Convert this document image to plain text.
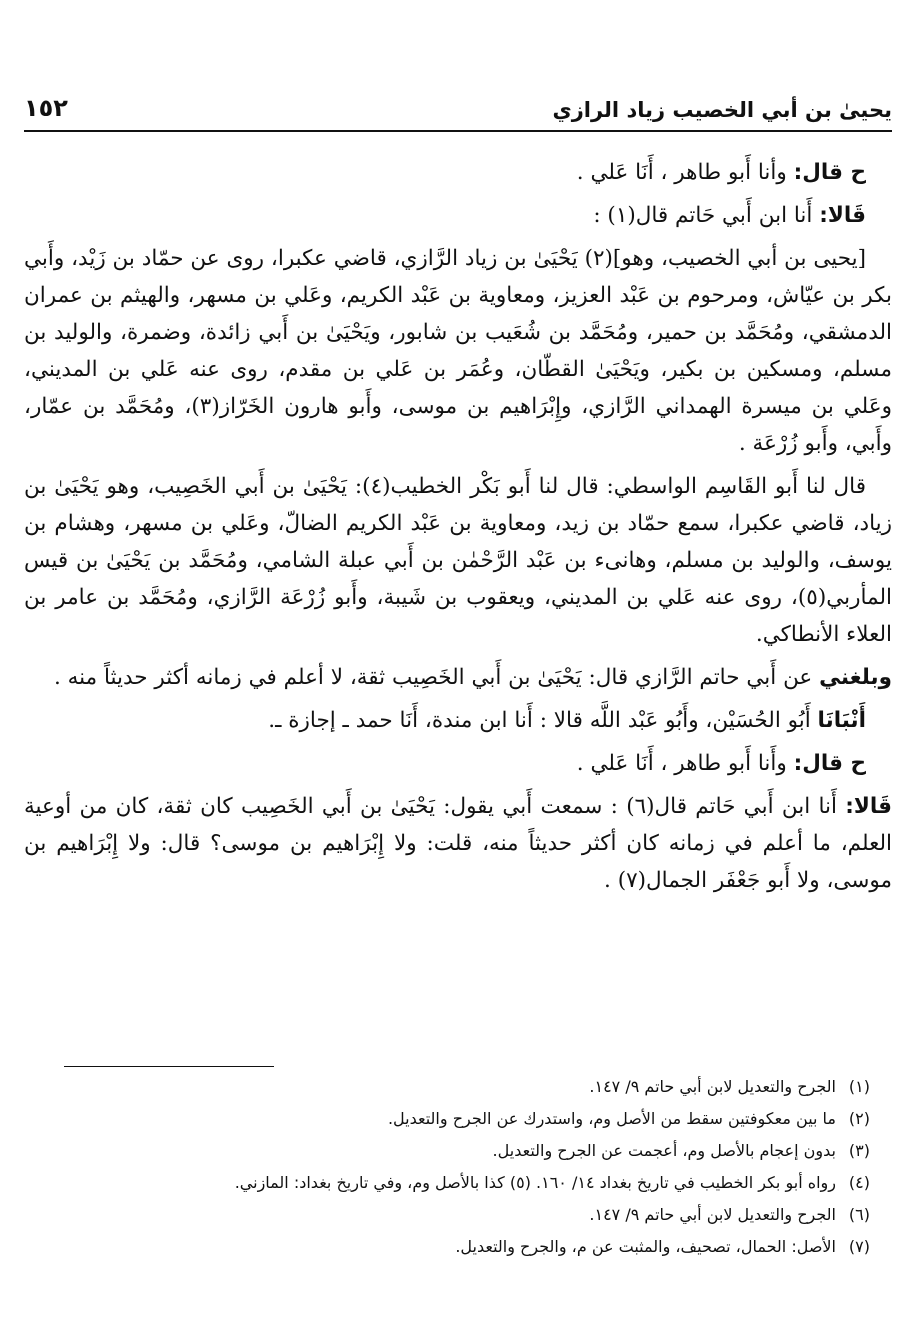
يحيىٰ بن أبي الخصيب زياد الرازي
١٥٢

ح قال: وأنا أَبو طاهر ، أَنَا عَلي .

قَالا: أَنا ابن أَبي حَاتم قال(١) :

[يحيى بن أبي الخصيب، وهو](٢) يَحْيَىٰ بن زياد الرَّازي، قاضي عكبرا، روى عن حمّاد بن زَيْد، وأَبي بكر بن عيّاش، ومرحوم بن عَبْد العزيز، ومعاوية بن عَبْد الكريم، وعَلي بن مسهر، والهيثم بن عمران الدمشقي، ومُحَمَّد بن حمير، ومُحَمَّد بن شُعَيب بن شابور، ويَحْيَىٰ بن أَبي زائدة، وضمرة، والوليد بن مسلم، ومسكين بن بكير، ويَحْيَىٰ القطّان، وعُمَر بن عَلي بن مقدم، روى عنه عَلي بن المديني، وعَلي بن ميسرة الهمداني الرَّازي، وإِبْرَاهيم بن موسى، وأَبو هارون الخَرّاز(٣)، ومُحَمَّد بن عمّار، وأَبي، وأَبو زُرْعَة .

قال لنا أَبو القَاسِم الواسطي: قال لنا أَبو بَكْر الخطيب(٤): يَحْيَىٰ بن أَبي الخَصِيب، وهو يَحْيَىٰ بن زياد، قاضي عكبرا، سمع حمّاد بن زيد، ومعاوية بن عَبْد الكريم الضالّ، وعَلي بن مسهر، وهشام بن يوسف، والوليد بن مسلم، وهانىء بن عَبْد الرَّحْمٰن بن أَبي عبلة الشامي، ومُحَمَّد بن يَحْيَىٰ بن قيس المأربي(٥)، روى عنه عَلي بن المديني، ويعقوب بن شَيبة، وأَبو زُرْعَة الرَّازي، ومُحَمَّد بن عامر بن العلاء الأنطاكي.

وبلغني عن أَبي حاتم الرَّازي قال: يَحْيَىٰ بن أَبي الخَصِيب ثقة، لا أعلم في زمانه أكثر حديثاً منه .

أَنْبَانَا أَبُو الحُسَيْن، وأَبُو عَبْد اللَّه قالا : أَنا ابن مندة، أَنَا حمد ـ إجازة ـ.

ح قال: وأَنا أَبو طاهر ، أَنَا عَلي .

قَالا: أَنا ابن أَبي حَاتم قال(٦) : سمعت أَبي يقول: يَحْيَىٰ بن أَبي الخَصِيب كان ثقة، كان من أوعية العلم، ما أعلم في زمانه كان أكثر حديثاً منه، قلت: ولا إِبْرَاهيم بن موسى؟ قال: ولا إِبْرَاهيم بن موسى، ولا أَبو جَعْفَر الجمال(٧) .

(١)الجرح والتعديل لابن أبي حاتم ٩/ ١٤٧.

(٢)ما بين معكوفتين سقط من الأصل وم، واستدرك عن الجرح والتعديل.

(٣)بدون إعجام بالأصل وم، أعجمت عن الجرح والتعديل.

(٤)رواه أبو بكر الخطيب في تاريخ بغداد ١٤/ ١٦٠. (٥) كذا بالأصل وم، وفي تاريخ بغداد: المازني.

(٦)الجرح والتعديل لابن أبي حاتم ٩/ ١٤٧.

(٧)الأصل: الحمال، تصحيف، والمثبت عن م، والجرح والتعديل.
